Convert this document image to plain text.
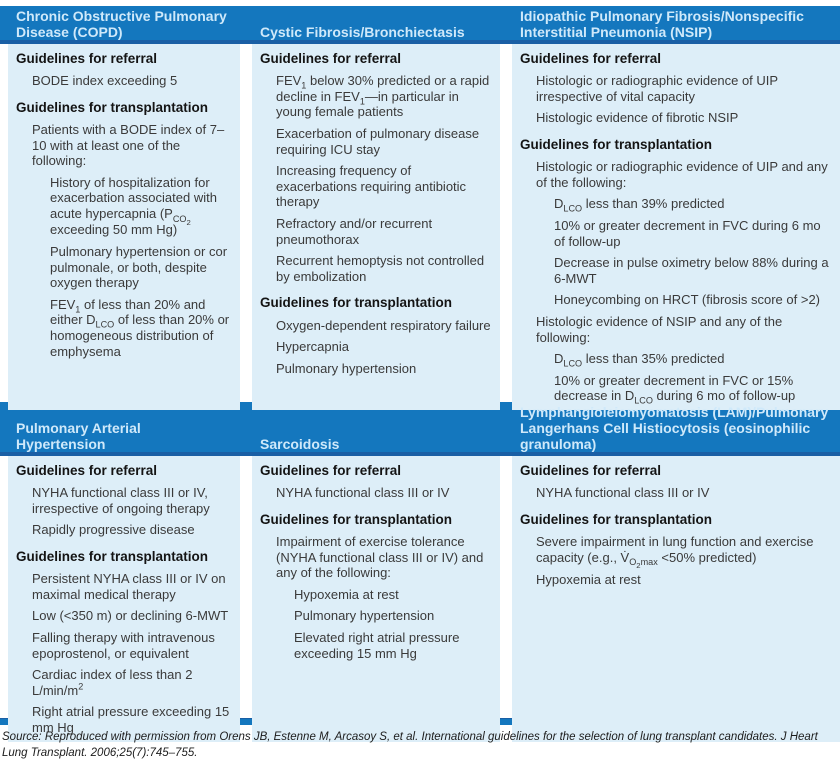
Chronic Obstructive Pulmonary Disease (COPD)	Cystic Fibrosis/Bronchiectasis
Idiopathic Pulmonary Fibrosis/Nonspecific Interstitial Pneumonia (NSIP)
Guidelines for referral
BODE index exceeding 5
Guidelines for transplantation
Patients with a BODE index of 7–10 with at least one of the following:
History of hospitalization for exacerbation associated with acute hypercapnia ($P_{CO_2}$ exceeding 50 mm Hg)
Pulmonary hypertension or cor pulmonale, or both, despite oxygen therapy
$FEV_1$ of less than 20% and either $D_{LCO}$ of less than 20% or homogeneous distribution of emphysema
Guidelines for referral
$FEV_1$ below 30% predicted or a rapid decline in $FEV_1—in$ particular in young female patients
Exacerbation of pulmonary disease requiring ICU stay
Increasing frequency of exacerbations requiring antibiotic therapy
Refractory and/or recurrent pneumothorax
Recurrent hemoptysis not controlled by embolization
Guidelines for transplantation
Oxygen-dependent respiratory failure
Hypercapnia
Pulmonary hypertension
Guidelines for referral
Histologic or radiographic evidence of UIP irrespective of vital capacity
Histologic evidence of fibrotic NSIP
Guidelines for transplantation
Histologic or radiographic evidence of UIP and any of the following:
$D_{LCO}$ less than 39% predicted
10% or greater decrement in FVC during 6 mo of follow-up
Decrease in pulse oximetry below 88% during a 6-MWT
Honeycombing on HRCT (fibrosis score of >2)
Histologic evidence of NSIP and any of the following:
$D_{LCO}$ less than 35% predicted
10% or greater decrement in FVC or 15% decrease in $D_{LCO}$ during 6 mo of follow-up
Pulmonary Arterial Hypertension	Sarcoidosis
Lymphangioleiomyomatosis (LAM)/Pulmonary Langerhans Cell Histiocytosis (eosinophilic granuloma)
Guidelines for referral
NYHA functional class III or IV, irrespective of ongoing therapy
Rapidly progressive disease
Guidelines for transplantation
Persistent NYHA class III or IV on maximal medical therapy
Low (<350 m) or declining 6-MWT
Falling therapy with intravenous epoprostenol, or equivalent
Cardiac index of less than 2 $L/\min/m^2$
Right atrial pressure exceeding 15 mm Hg
Guidelines for referral
NYHA functional class III or IV
Guidelines for transplantation
Impairment of exercise tolerance (NYHA functional class III or IV) and any of the following:
Hypoxemia at rest
Pulmonary hypertension
Elevated right atrial pressure exceeding 15 mm Hg
Guidelines for referral
NYHA functional class III or IV
Guidelines for transplantation
Severe impairment in lung function and exercise capacity (e.g., $V̇_{O_2max} <50\%$ predicted)
Hypoxemia at rest
Source: Reproduced with permission from Orens JB, Estenne M, Arcasoy S, et al. International guidelines for the selection of lung transplant candidates. J Heart Lung Transplant. 2006;25(7):745–755.
